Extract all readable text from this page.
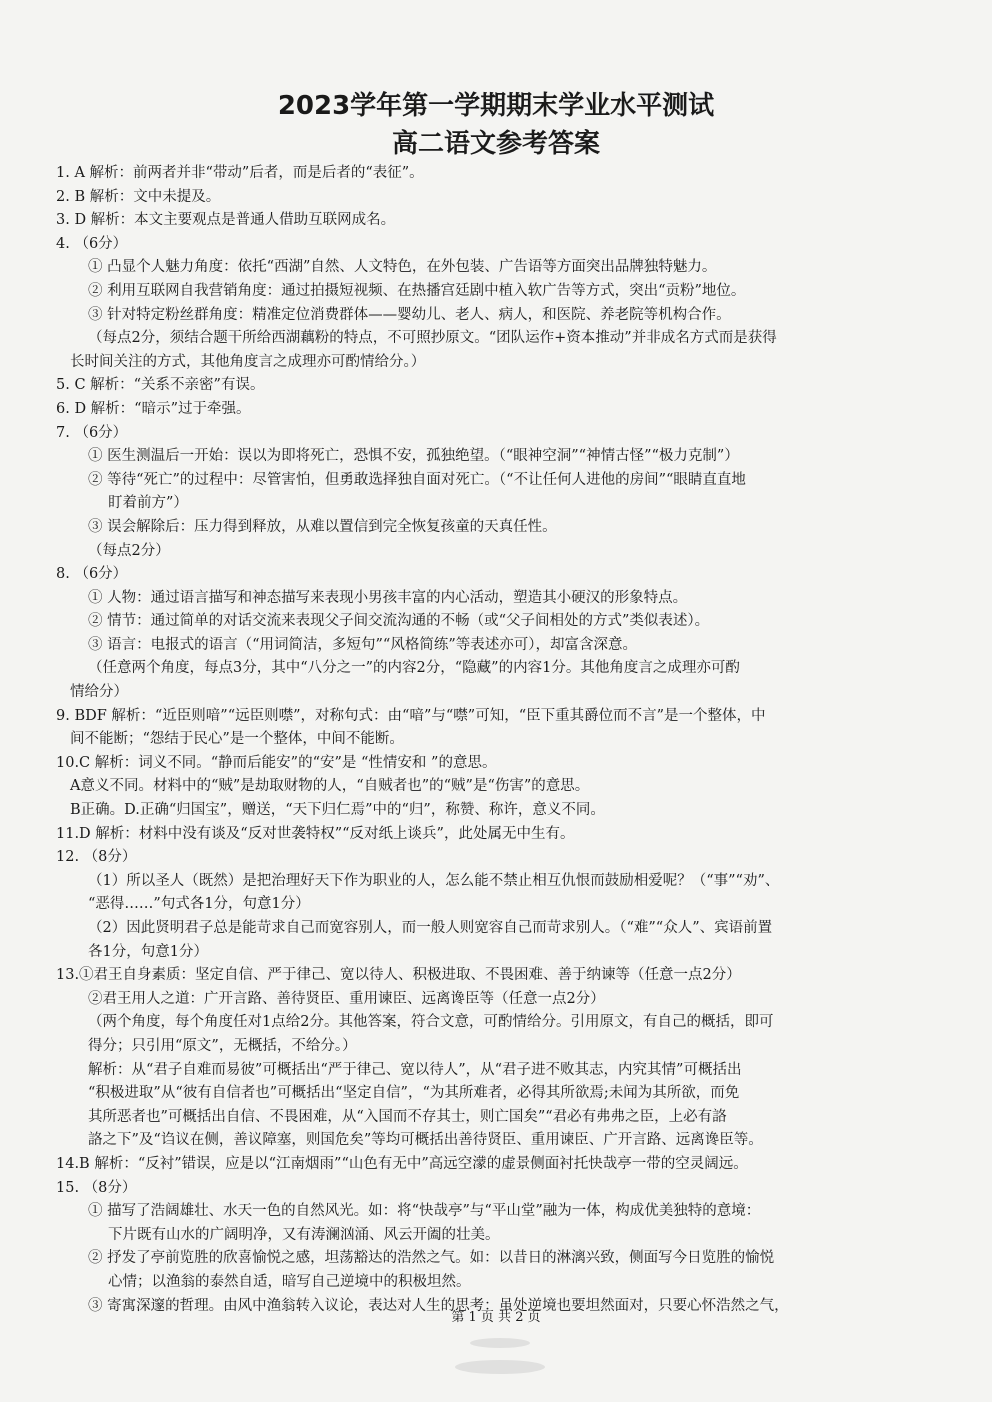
2023学年第一学期期末学业水平测试
高二语文参考答案
1. A 解析：前两者并非“带动”后者，而是后者的“表征”。
2. B 解析：文中未提及。
3. D 解析：本文主要观点是普通人借助互联网成名。
4. （6分）
① 凸显个人魅力角度：依托“西湖”自然、人文特色，在外包装、广告语等方面突出品牌独特魅力。
② 利用互联网自我营销角度：通过拍摄短视频、在热播宫廷剧中植入软广告等方式，突出“贡粉”地位。
③ 针对特定粉丝群角度：精准定位消费群体——婴幼儿、老人、病人，和医院、养老院等机构合作。
（每点2分，须结合题干所给西湖藕粉的特点，不可照抄原文。“团队运作+资本推动”并非成名方式而是获得
长时间关注的方式，其他角度言之成理亦可酌情给分。）
5. C 解析：“关系不亲密”有误。
6. D 解析：“暗示”过于牵强。
7. （6分）
① 医生测温后一开始：误以为即将死亡，恐惧不安，孤独绝望。（“眼神空洞”“神情古怪”“极力克制”）
② 等待“死亡”的过程中：尽管害怕，但勇敢选择独自面对死亡。（“不让任何人进他的房间”“眼睛直直地
盯着前方”）
③ 误会解除后：压力得到释放，从难以置信到完全恢复孩童的天真任性。
（每点2分）
8. （6分）
① 人物：通过语言描写和神态描写来表现小男孩丰富的内心活动，塑造其小硬汉的形象特点。
② 情节：通过简单的对话交流来表现父子间交流沟通的不畅（或“父子间相处的方式”类似表述）。
③ 语言：电报式的语言（“用词简洁，多短句”“风格简练”等表述亦可），却富含深意。
（任意两个角度，每点3分，其中“八分之一”的内容2分，“隐藏”的内容1分。其他角度言之成理亦可酌
情给分）
9. BDF 解析：“近臣则喑”“远臣则噤”，对称句式：由“喑”与“噤”可知，“臣下重其爵位而不言”是一个整体，中
间不能断；“怨结于民心”是一个整体，中间不能断。
10.C 解析：词义不同。“静而后能安”的“安”是 “性情安和 ”的意思。
A意义不同。材料中的“贼”是劫取财物的人，“自贼者也”的“贼”是“伤害”的意思。
B正确。D.正确“归国宝”，赠送，“天下归仁焉”中的“归”，称赞、称许，意义不同。
11.D 解析：材料中没有谈及“反对世袭特权”“反对纸上谈兵”，此处属无中生有。
12. （8分）
（1）所以圣人（既然）是把治理好天下作为职业的人，怎么能不禁止相互仇恨而鼓励相爱呢？（“事”“劝”、
“恶得……”句式各1分，句意1分）
（2）因此贤明君子总是能苛求自己而宽容别人，而一般人则宽容自己而苛求别人。（“难”“众人”、宾语前置
各1分，句意1分）
13.①君王自身素质：坚定自信、严于律己、宽以待人、积极进取、不畏困难、善于纳谏等（任意一点2分）
②君王用人之道：广开言路、善待贤臣、重用谏臣、远离谗臣等（任意一点2分）
（两个角度，每个角度任对1点给2分。其他答案，符合文意，可酌情给分。引用原文，有自己的概括，即可
得分；只引用“原文”，无概括，不给分。）
解析：从“君子自难而易彼”可概括出“严于律己、宽以待人”，从“君子进不败其志，内究其情”可概括出
“积极进取”从“彼有自信者也”可概括出“坚定自信”，“为其所难者，必得其所欲焉;未闻为其所欲，而免
其所恶者也”可概括出自信、不畏困难，从“入国而不存其士，则亡国矣”“君必有弗弗之臣，上必有詻
詻之下”及“诌议在侧，善议障塞，则国危矣”等均可概括出善待贤臣、重用谏臣、广开言路、远离谗臣等。
14.B 解析：“反衬”错误，应是以“江南烟雨”“山色有无中”高远空濛的虚景侧面衬托快哉亭一带的空灵阔远。
15. （8分）
① 描写了浩阔雄壮、水天一色的自然风光。如：将“快哉亭”与“平山堂”融为一体，构成优美独特的意境：
下片既有山水的广阔明净，又有涛澜汹涌、风云开阖的壮美。
② 抒发了亭前览胜的欣喜愉悦之感，坦荡豁达的浩然之气。如：以昔日的淋漓兴致，侧面写今日览胜的愉悦
心情；以渔翁的泰然自适，暗写自己逆境中的积极坦然。
③ 寄寓深邃的哲理。由风中渔翁转入议论，表达对人生的思考：虽处逆境也要坦然面对，只要心怀浩然之气，
第 1 页 共 2 页
